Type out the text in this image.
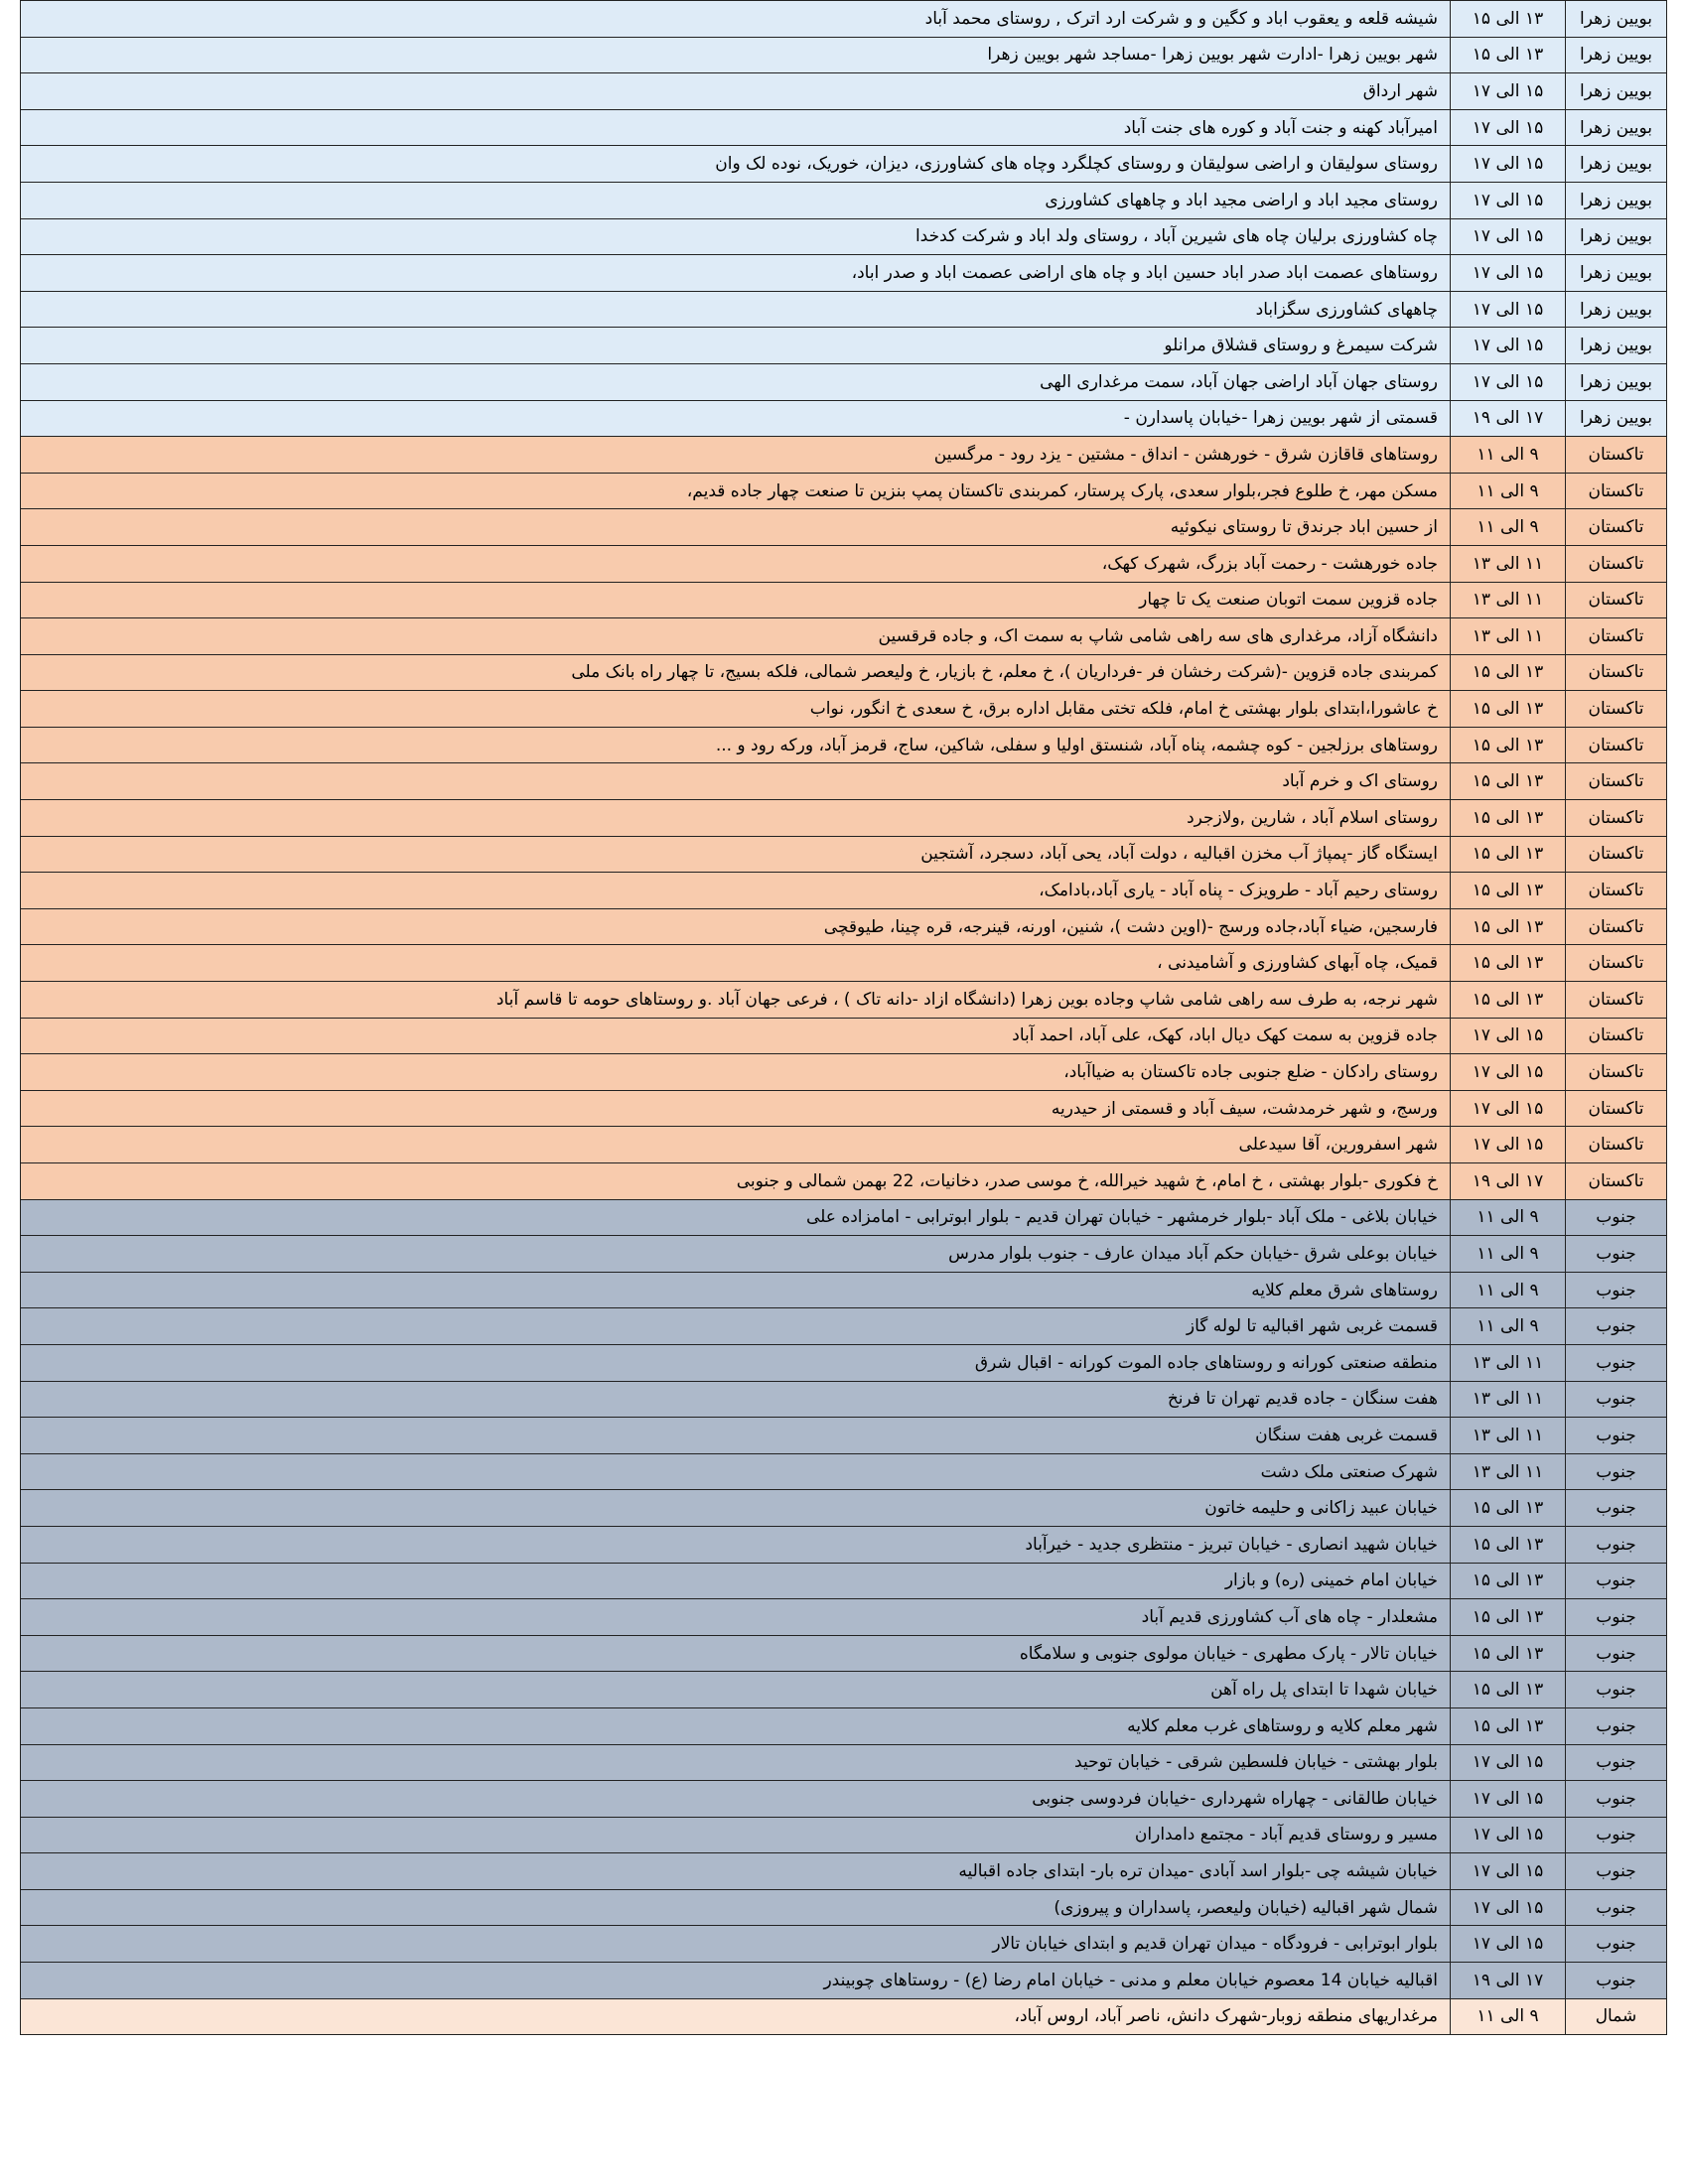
بویین زهرا	۱۳ الی ۱۵	شیشه قلعه و یعقوب اباد و کگین و و شرکت ارد اترک , روستای محمد آباد
بویین زهرا	۱۳ الی ۱۵	شهر بویین زهرا -ادارت شهر بویین زهرا -مساجد شهر بویین زهرا
بویین زهرا	۱۵ الی ۱۷	شهر ارداق
بویین زهرا	۱۵ الی ۱۷	امیرآباد کهنه و جنت آباد و کوره های جنت آباد
بویین زهرا	۱۵ الی ۱۷	روستای سولیقان و اراضی سولیقان و روستای کچلگرد وچاه های کشاورزی، دیزان، خوریک، نوده لک وان
بویین زهرا	۱۵ الی ۱۷	روستای مجید اباد و اراضی مجید اباد و چاههای کشاورزی
بویین زهرا	۱۵ الی ۱۷	چاه کشاورزی برلیان چاه های شیرین آباد ، روستای ولد اباد و شرکت کدخدا
بویین زهرا	۱۵ الی ۱۷	روستاهای عصمت اباد صدر اباد حسین اباد و چاه های اراضی عصمت اباد و صدر اباد،
بویین زهرا	۱۵ الی ۱۷	چاههای کشاورزی سگزاباد
بویین زهرا	۱۵ الی ۱۷	شرکت سیمرغ و روستای قشلاق مرانلو
بویین زهرا	۱۵ الی ۱۷	روستای جهان آباد اراضی جهان آباد، سمت مرغداری الهی
بویین زهرا	۱۷ الی ۱۹	قسمتی از شهر بویین زهرا -خیابان پاسدارن -
تاکستان	۹ الی ۱۱	روستاهای قاقازن شرق - خورهشن - انداق - مشتین - یزد رود - مرگسین
تاکستان	۹ الی ۱۱	مسکن مهر، خ طلوع فجر،بلوار سعدی، پارک پرستار، کمربندی تاکستان پمپ بنزین تا صنعت چهار جاده قدیم،
تاکستان	۹ الی ۱۱	از حسین اباد جرندق تا روستای نیکوئیه
تاکستان	۱۱ الی ۱۳	جاده خورهشت - رحمت آباد بزرگ، شهرک کهک،
تاکستان	۱۱ الی ۱۳	جاده قزوین سمت اتوبان صنعت یک تا چهار
تاکستان	۱۱ الی ۱۳	دانشگاه آزاد، مرغداری های سه راهی شامی شاپ به سمت اک، و جاده قرقسین
تاکستان	۱۳ الی ۱۵	کمربندی جاده قزوین -(شرکت رخشان فر -فرداریان )، خ معلم، خ بازیار، خ ولیعصر شمالی، فلکه بسیج، تا چهار راه بانک ملی
تاکستان	۱۳ الی ۱۵	خ عاشورا،ابتدای بلوار بهشتی خ امام، فلکه تختی مقابل اداره برق، خ سعدی خ انگور، نواب
تاکستان	۱۳ الی ۱۵	روستاهای برزلجین - کوه چشمه، پناه آباد، شنستق اولیا و سفلی، شاکین، ساج، قرمز آباد، ورکه رود و ...
تاکستان	۱۳ الی ۱۵	روستای اک و خرم آباد
تاکستان	۱۳ الی ۱۵	روستای اسلام آباد ، شارین ,ولازجرد
تاکستان	۱۳ الی ۱۵	ایستگاه گاز -پمپاژ آب مخزن اقبالیه ، دولت آباد، یحی آباد، دسجرد، آشتجین
تاکستان	۱۳ الی ۱۵	روستای رحیم آباد - طرویزک - پناه آباد - یاری آباد،بادامک،
تاکستان	۱۳ الی ۱۵	فارسجین، ضیاء آباد،جاده ورسج -(اوین دشت )، شنین، اورنه، قینرجه، قره چینا، طیوقچی
تاکستان	۱۳ الی ۱۵	قمیک، چاه آبهای کشاورزی و آشامیدنی ،
تاکستان	۱۳ الی ۱۵	شهر نرجه، به طرف سه راهی شامی شاپ وجاده بوین زهرا (دانشگاه ازاد -دانه تاک ) ، فرعی جهان آباد .و روستاهای حومه تا قاسم آباد
تاکستان	۱۵ الی ۱۷	جاده قزوین به سمت کهک دیال اباد، کهک، علی آباد، احمد آباد
تاکستان	۱۵ الی ۱۷	روستای رادکان - ضلع جنوبی جاده تاکستان به ضیاآباد،
تاکستان	۱۵ الی ۱۷	ورسج، و شهر خرمدشت، سیف آباد و قسمتی از حیدریه
تاکستان	۱۵ الی ۱۷	شهر اسفرورین، آقا سیدعلی
تاکستان	۱۷ الی ۱۹	خ فکوری -بلوار بهشتی ، خ امام، خ شهید خیرالله، خ موسی صدر، دخانیات، 22 بهمن شمالی و جنوبی
جنوب	۹ الی ۱۱	خیابان بلاغی - ملک آباد -بلوار خرمشهر - خیابان تهران قدیم - بلوار ابوترابی - امامزاده علی
جنوب	۹ الی ۱۱	خیابان بوعلی شرق -خیابان حکم آباد میدان عارف - جنوب بلوار مدرس
جنوب	۹ الی ۱۱	روستاهای شرق معلم کلایه
جنوب	۹ الی ۱۱	قسمت غربی شهر اقبالیه تا لوله گاز
جنوب	۱۱ الی ۱۳	منطقه صنعتی کورانه و روستاهای جاده الموت کورانه - اقبال شرق
جنوب	۱۱ الی ۱۳	هفت سنگان - جاده قدیم تهران تا فرنخ
جنوب	۱۱ الی ۱۳	قسمت غربی هفت سنگان
جنوب	۱۱ الی ۱۳	شهرک صنعتی ملک دشت
جنوب	۱۳ الی ۱۵	خیابان عبید زاکانی و حلیمه خاتون
جنوب	۱۳ الی ۱۵	خیابان شهید انصاری - خیابان تبریز - منتظری جدید - خیرآباد
جنوب	۱۳ الی ۱۵	خیابان امام خمینی (ره) و بازار
جنوب	۱۳ الی ۱۵	مشعلدار - چاه های آب کشاورزی قدیم آباد
جنوب	۱۳ الی ۱۵	خیابان تالار - پارک مطهری - خیابان مولوی جنوبی و سلامگاه
جنوب	۱۳ الی ۱۵	خیابان شهدا تا ابتدای پل راه آهن
جنوب	۱۳ الی ۱۵	شهر معلم کلایه و روستاهای غرب معلم کلایه
جنوب	۱۵ الی ۱۷	بلوار بهشتی - خیابان فلسطین شرقی - خیابان توحید
جنوب	۱۵ الی ۱۷	خیابان طالقانی - چهاراه شهرداری -خیابان فردوسی جنوبی
جنوب	۱۵ الی ۱۷	مسیر و روستای قدیم آباد - مجتمع دامداران
جنوب	۱۵ الی ۱۷	خیابان شیشه چی -بلوار اسد آبادی -میدان تره بار- ابتدای جاده اقبالیه
جنوب	۱۵ الی ۱۷	شمال شهر اقبالیه (خیابان ولیعصر، پاسداران و پیروزی)
جنوب	۱۵ الی ۱۷	بلوار ابوترابی - فرودگاه - میدان تهران قدیم و ابتدای خیابان تالار
جنوب	۱۷ الی ۱۹	اقبالیه خیابان 14 معصوم خیابان معلم و مدنی - خیابان امام رضا (ع) - روستاهای چوبیندر
شمال	۹ الی ۱۱	مرغداریهای منطقه زوبار-شهرک دانش، ناصر آباد، اروس آباد،
